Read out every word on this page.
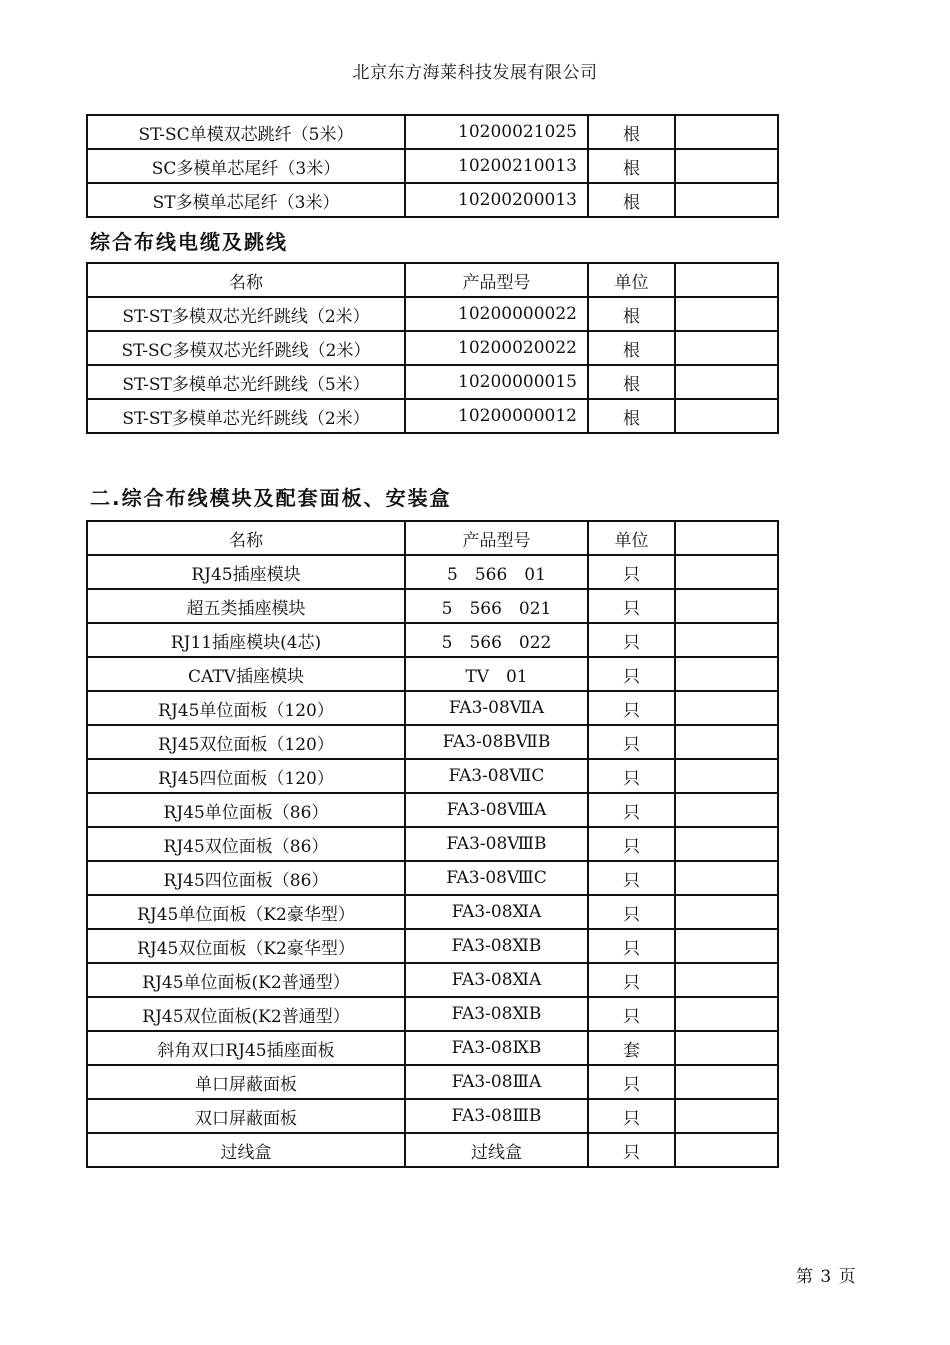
北京东方海莱科技发展有限公司
ST-SC单模双芯跳纤（5米）	10200021025	根	
SC多模单芯尾纤（3米）	10200210013	根	
ST多模单芯尾纤（3米）	10200200013	根	
综合布线电缆及跳线
名称	产品型号	单位	
ST-ST多模双芯光纤跳线（2米）	10200000022	根	
ST-SC多模双芯光纤跳线（2米）	10200020022	根	
ST-ST多模单芯光纤跳线（5米）	10200000015	根	
ST-ST多模单芯光纤跳线（2米）	10200000012	根	
二.综合布线模块及配套面板、安装盒
名称	产品型号	单位	
RJ45插座模块	5　566　01	只	
超五类插座模块	5　566　021	只	
RJ11插座模块(4芯)	5　566　022	只	
CATV插座模块	TV　01	只	
RJ45单位面板（120）	FA3-08ⅦA	只	
RJ45双位面板（120）	FA3-08BⅦB	只	
RJ45四位面板（120）	FA3-08ⅦC	只	
RJ45单位面板（86）	FA3-08ⅧA	只	
RJ45双位面板（86）	FA3-08ⅧB	只	
RJ45四位面板（86）	FA3-08ⅧC	只	
RJ45单位面板（K2豪华型）	FA3-08ⅪA	只	
RJ45双位面板（K2豪华型）	FA3-08ⅪB	只	
RJ45单位面板(K2普通型）	FA3-08ⅪA	只	
RJ45双位面板(K2普通型）	FA3-08ⅪB	只	
斜角双口RJ45插座面板	FA3-08ⅨB	套	
单口屏蔽面板	FA3-08ⅢA	只	
双口屏蔽面板	FA3-08ⅢB	只	
过线盒	过线盒	只	
第 3 页
